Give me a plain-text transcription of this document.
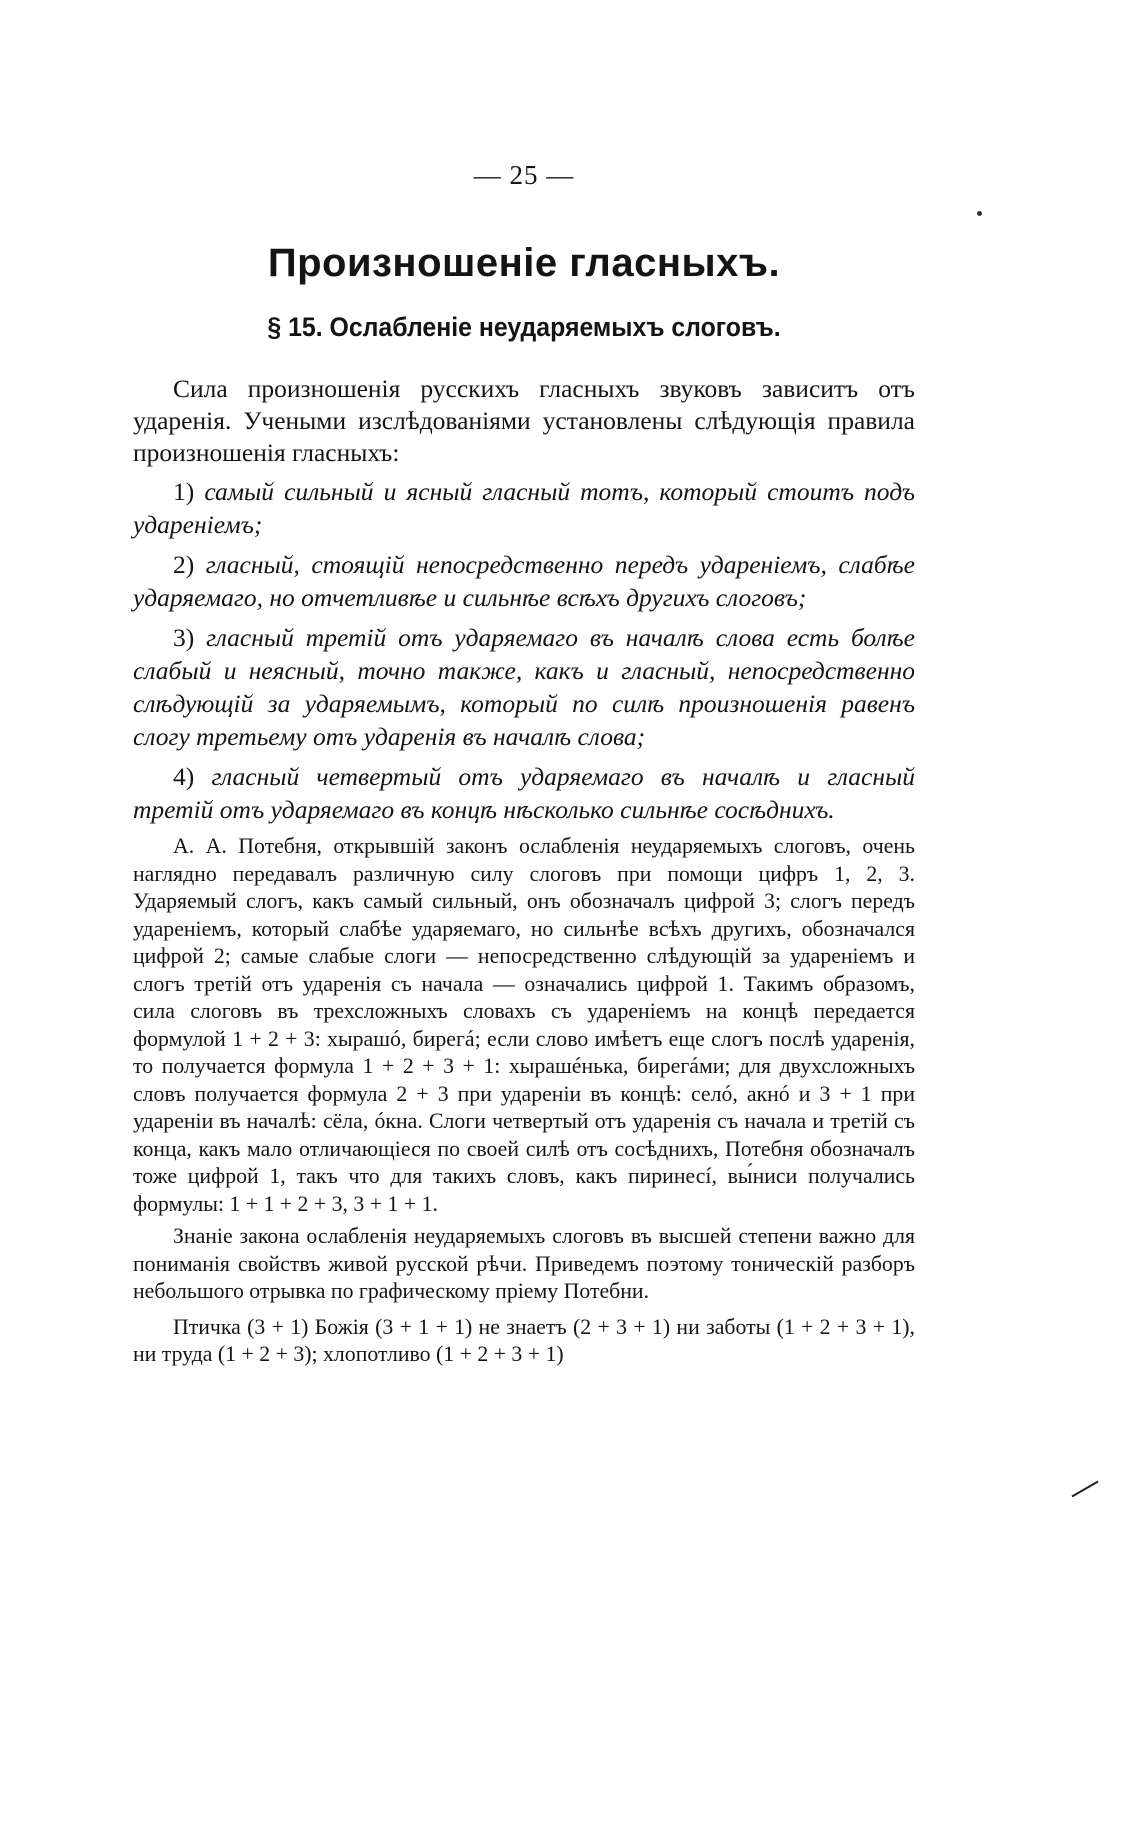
— 25 —
Произношеніе гласныхъ.
§ 15. Ослабленіе неударяемыхъ слоговъ.

Сила произношенія русскихъ гласныхъ звуковъ зависитъ отъ ударенія. Учеными изслѣдованіями установлены слѣдующія правила произношенія гласныхъ:

1) самый сильный и ясный гласный тотъ, который стоитъ подъ ударенiемъ;
2) гласный, стоящiй непосредственно передъ ударенiемъ, слабѣе ударяемаго, но отчетливѣе и сильнѣе всѣхъ другихъ слоговъ;
3) гласный третiй отъ ударяемаго въ началѣ слова есть болѣе слабый и неясный, точно также, какъ и гласный, непосредственно слѣдующiй за ударяемымъ, который по силѣ произношенія равенъ слогу третьему отъ ударенія въ началѣ слова;
4) гласный четвертый отъ ударяемаго въ началѣ и гласный третiй отъ ударяемаго въ концѣ нѣсколько сильнѣе сосѣднихъ.

А. А. Потебня, открывшій законъ ослабленія неударяемыхъ слоговъ, очень наглядно передавалъ различную силу слоговъ при помощи цифръ 1, 2, 3. Ударяемый слогъ, какъ самый сильный, онъ обозначалъ цифрой 3; слогъ передъ удареніемъ, который слабѣе ударяемаго, но сильнѣе всѣхъ другихъ, обозначался цифрой 2; самые слабые слоги — непосредственно слѣдующій за удареніемъ и слогъ третій отъ ударенія съ начала — означались цифрой 1. Такимъ образомъ, сила слоговъ въ трехсложныхъ словахъ съ удареніемъ на концѣ передается формулой 1 + 2 + 3: хырашó, бирегá; если слово имѣетъ еще слогъ послѣ ударенія, то получается формула 1 + 2 + 3 + 1: хырашéнька, бирегáми; для двухсложныхъ словъ получается формула 2 + 3 при удареніи въ концѣ: селó, акнó и 3 + 1 при удареніи въ началѣ: сёла, óкна. Слоги четвертый отъ ударенія съ начала и третій съ конца, какъ мало отличающіеся по своей силѣ отъ сосѣднихъ, Потебня обозначалъ тоже цифрой 1, такъ что для такихъ словъ, какъ пиринесí, вы́ниси получались формулы: 1 + 1 + 2 + 3, 3 + 1 + 1.

Знаніе закона ослабленія неударяемыхъ слоговъ въ высшей степени важно для пониманія свойствъ живой русской рѣчи. Приведемъ поэтому тоническій разборъ небольшого отрывка по графическому пріему Потебни.

Птичка (3 + 1) Божія (3 + 1 + 1) не знаетъ (2 + 3 + 1) ни заботы (1 + 2 + 3 + 1), ни труда (1 + 2 + 3); хлопотливо (1 + 2 + 3 + 1)
